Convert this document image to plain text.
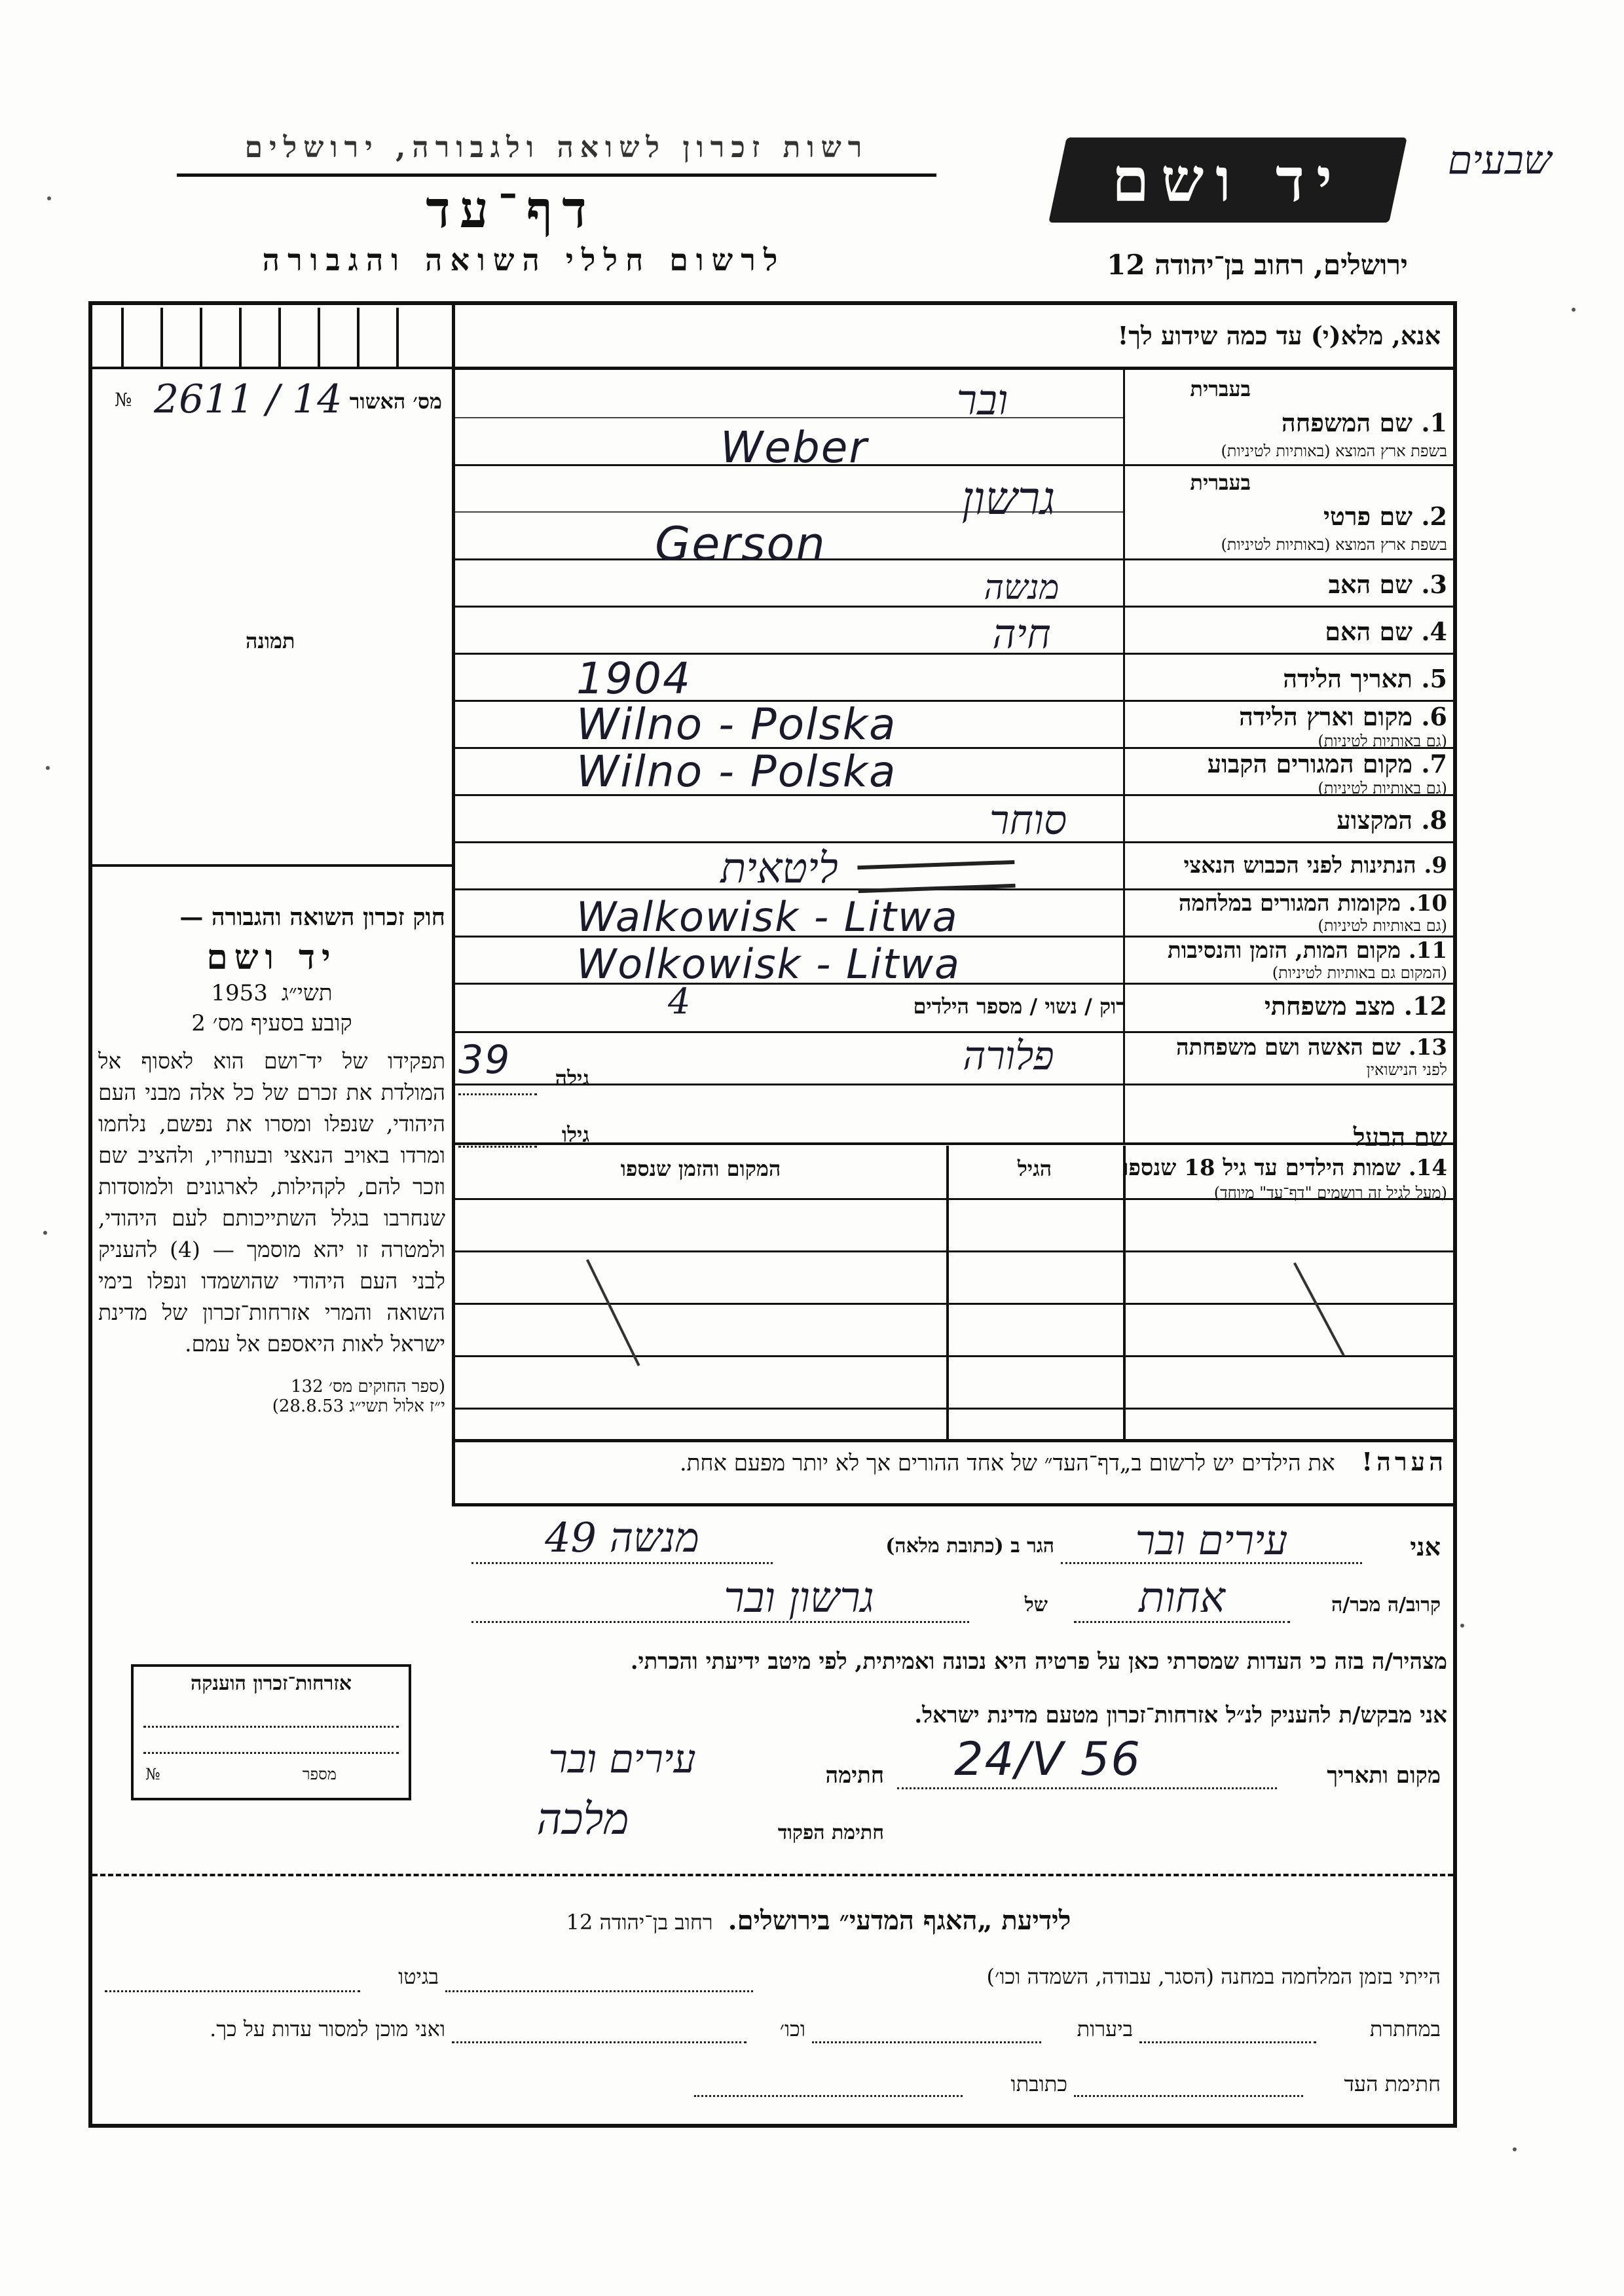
רשות זכרון לשואה ולגבורה, ירושלים	יד ושם	שבעים
דף־עד
לרשום חללי השואה והגבורה	ירושלים, רחוב בן־יהודה 12
№ 2611 / 14 מס׳ האשור
תמונה
חוק זכרון השואה והגבורה —
יד ושם
תשי״ג 1953
קובע בסעיף מס׳ 2
תפקידו של יד־ושם הוא לאסוף אל המולדת את זכרם של כל אלה מבני העם היהודי, שנפלו ומסרו את נפשם, נלחמו ומרדו באויב הנאצי ובעוזריו, ולהציב שם וזכר להם, לקהילות, לארגונים ולמוסדות שנחרבו בגלל השתייכותם לעם היהודי, ולמטרה זו יהא מוסמך — (4) להעניק לבני העם היהודי שהושמדו ונפלו בימי השואה והמרי אזרחות־זכרון של מדינת ישראל לאות היאספם אל עמם.
(ספר החוקים מס׳ 132
י״ז אלול תשי״ג 28.8.53)
אנא, מלא(י) עד כמה שידוע לך!
בעברית
1. שם המשפחה
בשפת ארץ המוצא (באותיות לטיניות)
ובר
Weber
בעברית
2. שם פרטי
בשפת ארץ המוצא (באותיות לטיניות)
גרשון
Gerson
3. שם האב
מנשה
4. שם האם
חיה
5. תאריך הלידה
1904
6. מקום וארץ הלידה
(גם באותיות לטיניות)
Wilno - Polska
7. מקום המגורים הקבוע
(גם באותיות לטיניות)
Wilno - Polska
8. המקצוע
סוחר
9. הנתינות לפני הכבוש הנאצי
ליטאית
10. מקומות המגורים במלחמה
(גם באותיות לטיניות)
Walkowisk - Litwa
11. מקום המות, הזמן והנסיבות
(המקום גם באותיות לטיניות)
Wolkowisk - Litwa
12. מצב משפחתי
רוק / נשוי / מספר הילדים
4
13. שם האשה ושם משפחתה
לפני הנישואין
פלורה
גילה
39
שם הבעל
גילו
14. שמות הילדים עד גיל 18 שנספו
(מעל לגיל זה רושמים "דף־עד" מיוחד)
הגיל
המקום והזמן שנספו
הערה! את הילדים יש לרשום ב„דף־העד״ של אחד ההורים אך לא יותר מפעם אחת.
אני
עירים ובר
הגר ב (כתובת מלאה)
מנשה 49
קרוב/ה מכר/ה
אחות
של
גרשון ובר
מצהיר/ה בזה כי העדות שמסרתי כאן על פרטיה היא נכונה ואמיתית, לפי מיטב ידיעתי והכרתי.
אני מבקש/ת להעניק לנ״ל אזרחות־זכרון מטעם מדינת ישראל.
מקום ותאריך
24/V 56
חתימה
עירים ובר
חתימת הפקוד
מלכה
אזרחות־זכרון הוענקה
№	מספר
לידיעת „האגף המדעי״ בירושלים. רחוב בן־יהודה 12
הייתי בזמן המלחמה במחנה (הסגר, עבודה, השמדה וכו׳)
בגיטו
במחתרת
ביערות
וכו׳
ואני מוכן למסור עדות על כך.
חתימת העד
כתובתו
